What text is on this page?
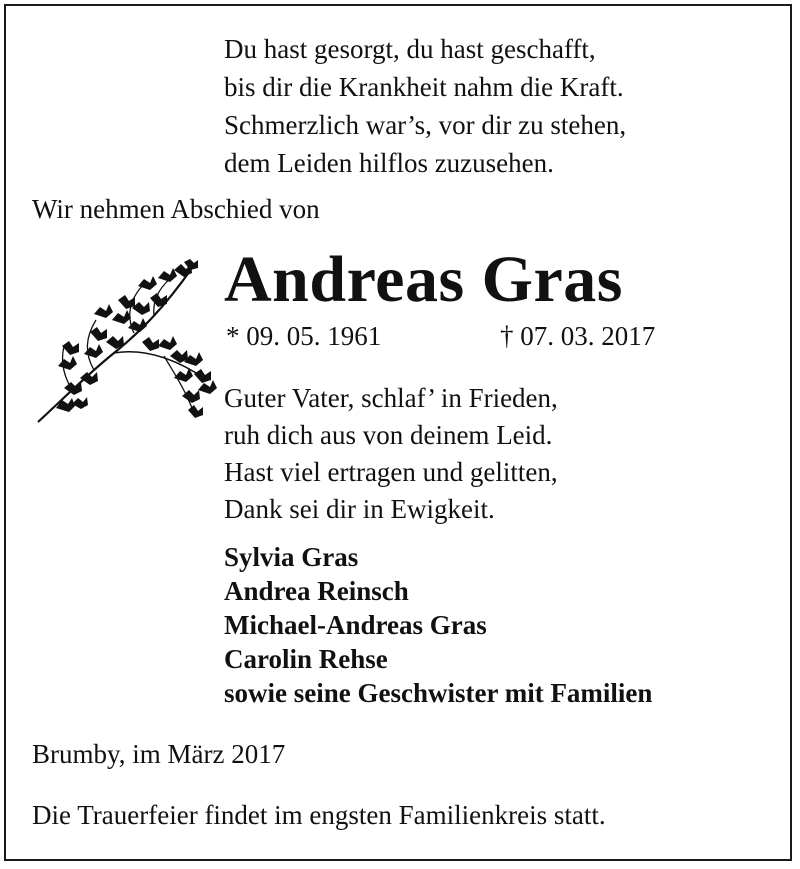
Du hast gesorgt, du hast geschafft,
bis dir die Krankheit nahm die Kraft.
Schmerzlich war’s, vor dir zu stehen,
dem Leiden hilflos zuzusehen.
Wir nehmen Abschied von
Andreas Gras
* 09. 05. 1961	† 07. 03. 2017
Guter Vater, schlaf’ in Frieden,
ruh dich aus von deinem Leid.
Hast viel ertragen und gelitten,
Dank sei dir in Ewigkeit.
Sylvia Gras
Andrea Reinsch
Michael-Andreas Gras
Carolin Rehse
sowie seine Geschwister mit Familien
Brumby, im März 2017
Die Trauerfeier findet im engsten Familienkreis statt.
